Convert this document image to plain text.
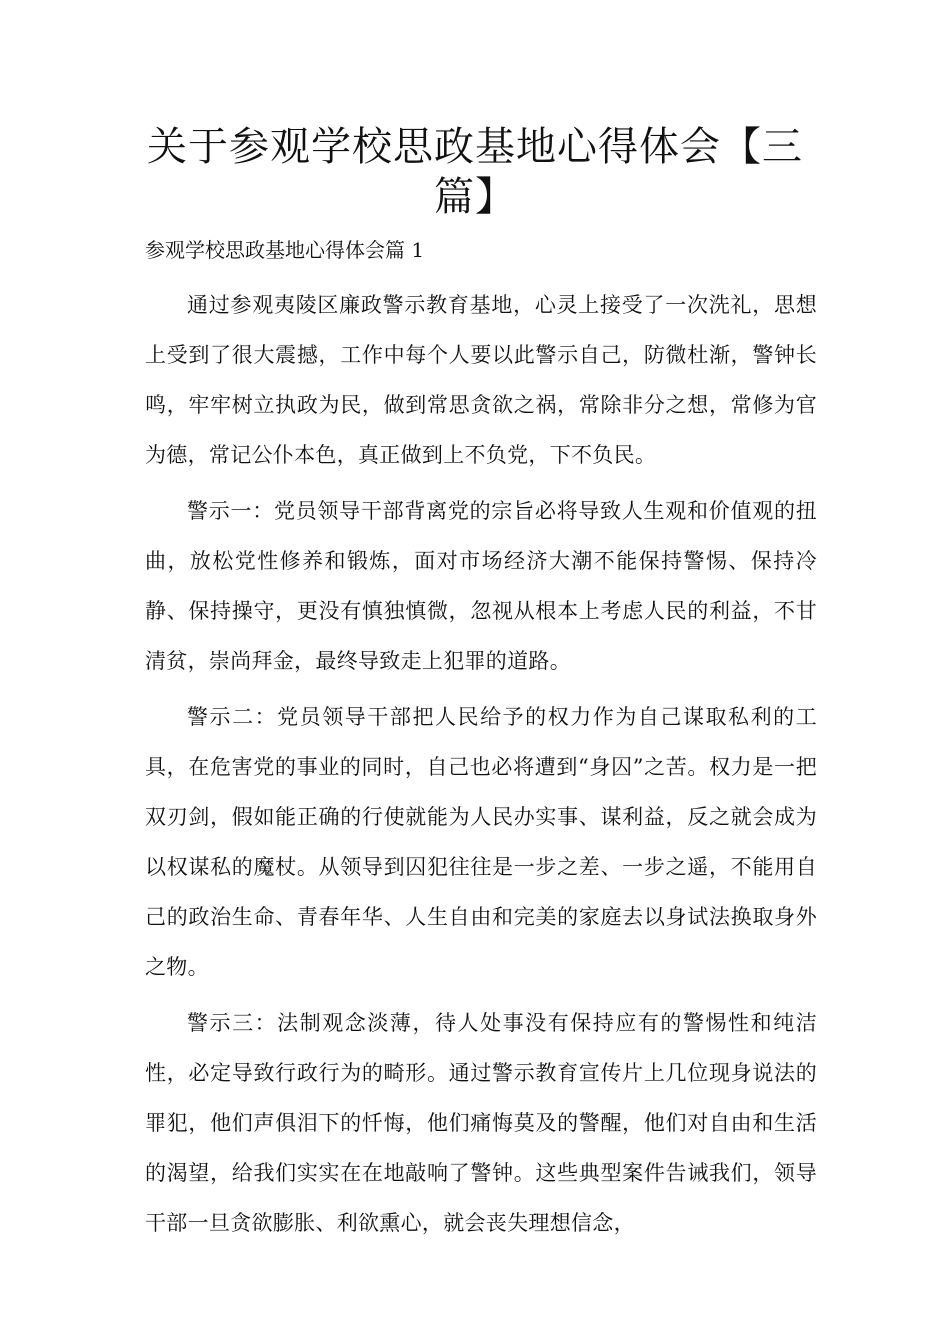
关于参观学校思政基地心得体会【三篇】

参观学校思政基地心得体会篇 1

通过参观夷陵区廉政警示教育基地，心灵上接受了一次洗礼，思想上受到了很大震撼，工作中每个人要以此警示自己，防微杜渐，警钟长鸣，牢牢树立执政为民，做到常思贪欲之祸，常除非分之想，常修为官为德，常记公仆本色，真正做到上不负党，下不负民。

警示一：党员领导干部背离党的宗旨必将导致人生观和价值观的扭曲，放松党性修养和锻炼，面对市场经济大潮不能保持警惕、保持冷静、保持操守，更没有慎独慎微，忽视从根本上考虑人民的利益，不甘清贫，崇尚拜金，最终导致走上犯罪的道路。

警示二：党员领导干部把人民给予的权力作为自己谋取私利的工具，在危害党的事业的同时，自己也必将遭到“身囚”之苦。权力是一把双刃剑，假如能正确的行使就能为人民办实事、谋利益，反之就会成为以权谋私的魔杖。从领导到囚犯往往是一步之差、一步之遥，不能用自己的政治生命、青春年华、人生自由和完美的家庭去以身试法换取身外之物。

警示三：法制观念淡薄，待人处事没有保持应有的警惕性和纯洁性，必定导致行政行为的畸形。通过警示教育宣传片上几位现身说法的罪犯，他们声俱泪下的忏悔，他们痛悔莫及的警醒，他们对自由和生活的渴望，给我们实实在在地敲响了警钟。这些典型案件告诫我们，领导干部一旦贪欲膨胀、利欲熏心，就会丧失理想信念，
